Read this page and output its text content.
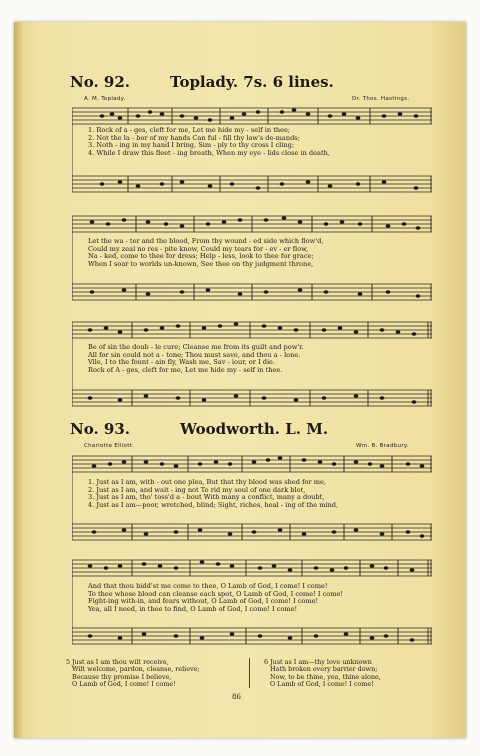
No. 92.	Toplady. 7s. 6 lines.
A. M. Toplady.	Dr. Thos. Hastings.
1. Rock of a - ges, cleft for me, Let me hide my - self in thee;
2. Not the la - bor of my hands Can ful - fill thy law's de-mands;
3. Noth - ing in my hand I bring, Sim - ply to thy cross I cling;
4. While I draw this fleet - ing breath, When my eye - lids close in death,
Let the wa - ter and the blood, From thy wound - ed side which flow'd,
Could my zeal no res - pite know, Could my tears for - ev - er flow,
Na - ked, come to thee for dress; Help - less, look to thee for grace;
When I soar to worlds un-known, See thee on thy judgment throne,
Be of sin the doub - le cure; Cleanse me from its guilt and pow'r.
All for sin could not a - tone; Thou must save, and thou a - lone.
Vile, I to the fount - ain fly, Wash me, Sav - iour, or I die.
Rock of A - ges, cleft for me, Let me hide my - self in thee.
No. 93.	Woodworth. L. M.
Charlotte Elliott.	Wm. B. Bradbury.
1. Just as I am, with - out one plea, But that thy blood was shed for me,
2. Just as I am, and wait - ing not To rid my soul of one dark blot,
3. Just as I am, tho' toss'd a - bout With many a conflict, many a doubt,
4. Just as I am—poor, wretched, blind; Sight, riches, heal - ing of the mind,
And that thou bidd'st me come to thee, O Lamb of God, I come! I come!
To thee whose blood can cleanse each spot, O Lamb of God, I come! I come!
Fight-ing with-in, and fears without, O Lamb of God, I come! I come!
Yea, all I need, in thee to find, O Lamb of God, I come! I come!
5 Just as I am thou wilt receive,
Wilt welcome, pardon, cleanse, relieve;
Because thy promise I believe,
O Lamb of God, I come! I come!
6 Just as I am—thy love unknown
Hath broken every barrier down;
Now, to be thine, yea, thine alone,
O Lamb of God, I come! I come!
86
